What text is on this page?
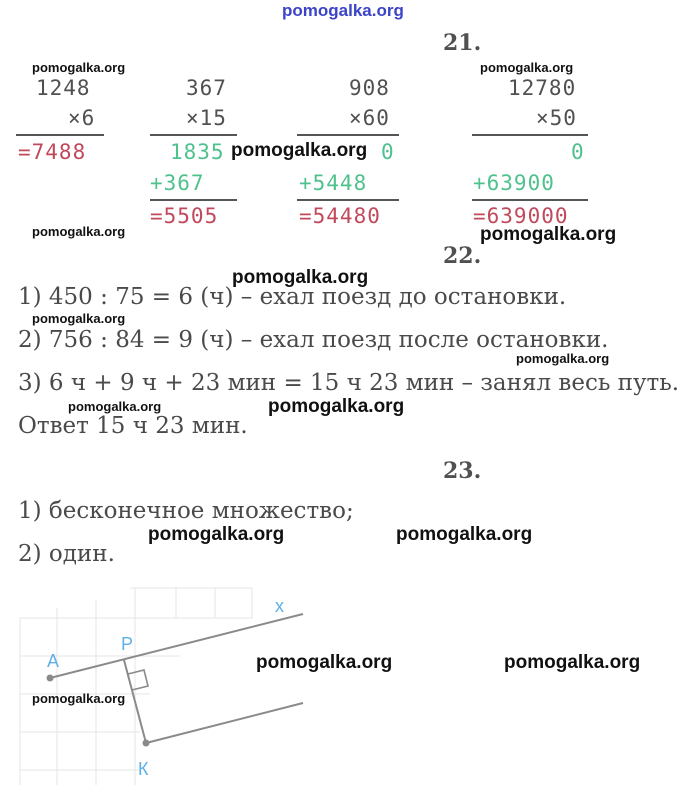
pomogalka.org
21.
1248
×6
=7488
367
×15
1835
+367
=5505
908
×60
0
+5448
=54480
12780
×50
0
+63900
=639000
22.
1) 450 : 75 = 6 (ч) – ехал поезд до остановки.
2) 756 : 84 = 9 (ч) – ехал поезд после остановки.
3) 6 ч + 9 ч + 23 мин = 15 ч 23 мин – занял весь путь.
Ответ 15 ч 23 мин.
23.
1) бесконечное множество;
2) один.
x
А
Р
К
pomogalka.org	pomogalka.org
pomogalka.org
pomogalka.org	pomogalka.org
pomogalka.org
pomogalka.org
pomogalka.org
pomogalka.org	pomogalka.org
pomogalka.org	pomogalka.org
pomogalka.org	pomogalka.org
pomogalka.org
